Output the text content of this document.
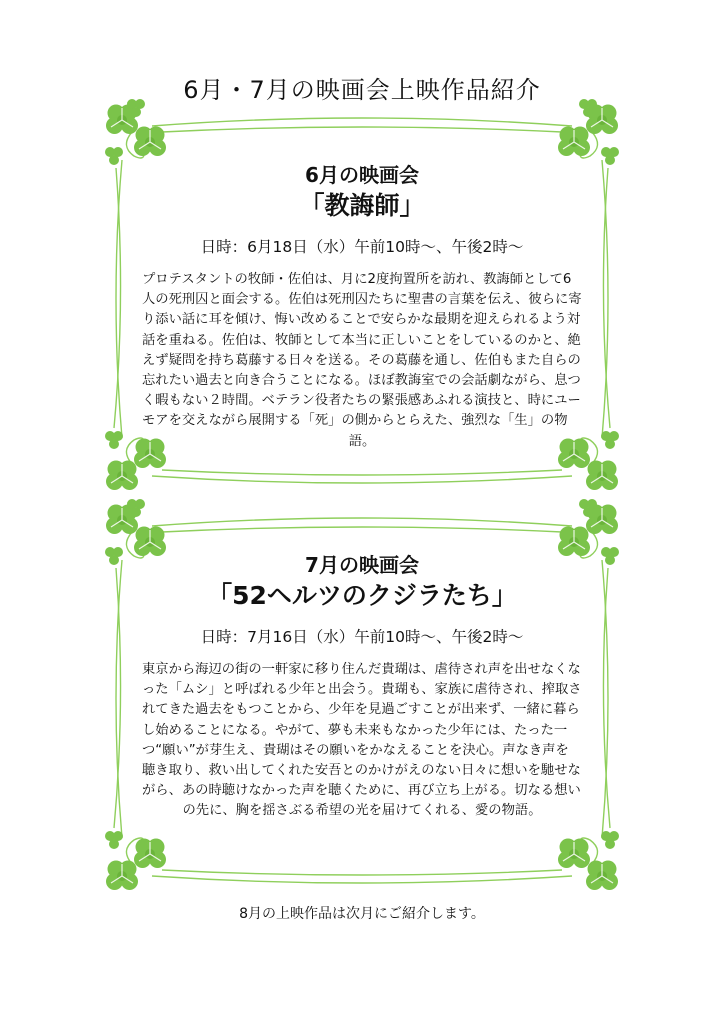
6月・7月の映画会上映作品紹介
6月の映画会
「教誨師」
日時：6月18日（水）午前10時～、午後2時～
プロテスタントの牧師・佐伯は、月に2度拘置所を訪れ、教誨師として6人の死刑囚と面会する。佐伯は死刑囚たちに聖書の言葉を伝え、彼らに寄り添い話に耳を傾け、悔い改めることで安らかな最期を迎えられるよう対話を重ねる。佐伯は、牧師として本当に正しいことをしているのかと、絶えず疑問を持ち葛藤する日々を送る。その葛藤を通し、佐伯もまた自らの忘れたい過去と向き合うことになる。ほぼ教誨室での会話劇ながら、息つく暇もない２時間。ベテラン役者たちの緊張感あふれる演技と、時にユーモアを交えながら展開する「死」の側からとらえた、強烈な「生」の物語。
7月の映画会
「52ヘルツのクジラたち」
日時：7月16日（水）午前10時～、午後2時～
東京から海辺の街の一軒家に移り住んだ貴瑚は、虐待され声を出せなくなった「ムシ」と呼ばれる少年と出会う。貴瑚も、家族に虐待され、搾取されてきた過去をもつことから、少年を見過ごすことが出来ず、一緒に暮らし始めることになる。やがて、夢も未来もなかった少年には、たった一つ“願い”が芽生え、貴瑚はその願いをかなえることを決心。声なき声を聴き取り、救い出してくれた安吾とのかけがえのない日々に想いを馳せながら、あの時聴けなかった声を聴くために、再び立ち上がる。切なる想いの先に、胸を揺さぶる希望の光を届けてくれる、愛の物語。
8月の上映作品は次月にご紹介します。
